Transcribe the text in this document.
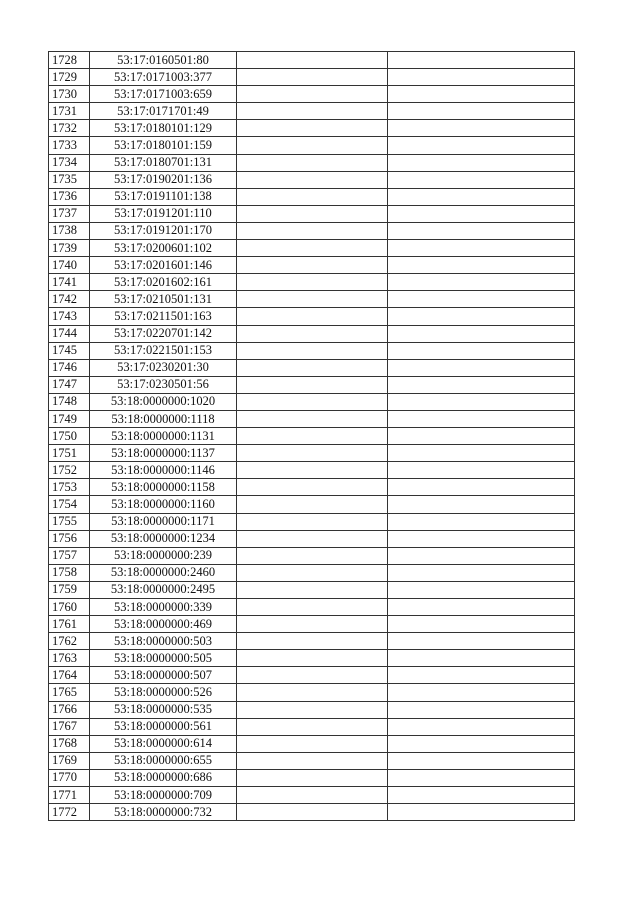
1728	53:17:0160501:80		
1729	53:17:0171003:377		
1730	53:17:0171003:659		
1731	53:17:0171701:49		
1732	53:17:0180101:129		
1733	53:17:0180101:159		
1734	53:17:0180701:131		
1735	53:17:0190201:136		
1736	53:17:0191101:138		
1737	53:17:0191201:110		
1738	53:17:0191201:170		
1739	53:17:0200601:102		
1740	53:17:0201601:146		
1741	53:17:0201602:161		
1742	53:17:0210501:131		
1743	53:17:0211501:163		
1744	53:17:0220701:142		
1745	53:17:0221501:153		
1746	53:17:0230201:30		
1747	53:17:0230501:56		
1748	53:18:0000000:1020		
1749	53:18:0000000:1118		
1750	53:18:0000000:1131		
1751	53:18:0000000:1137		
1752	53:18:0000000:1146		
1753	53:18:0000000:1158		
1754	53:18:0000000:1160		
1755	53:18:0000000:1171		
1756	53:18:0000000:1234		
1757	53:18:0000000:239		
1758	53:18:0000000:2460		
1759	53:18:0000000:2495		
1760	53:18:0000000:339		
1761	53:18:0000000:469		
1762	53:18:0000000:503		
1763	53:18:0000000:505		
1764	53:18:0000000:507		
1765	53:18:0000000:526		
1766	53:18:0000000:535		
1767	53:18:0000000:561		
1768	53:18:0000000:614		
1769	53:18:0000000:655		
1770	53:18:0000000:686		
1771	53:18:0000000:709		
1772	53:18:0000000:732		
